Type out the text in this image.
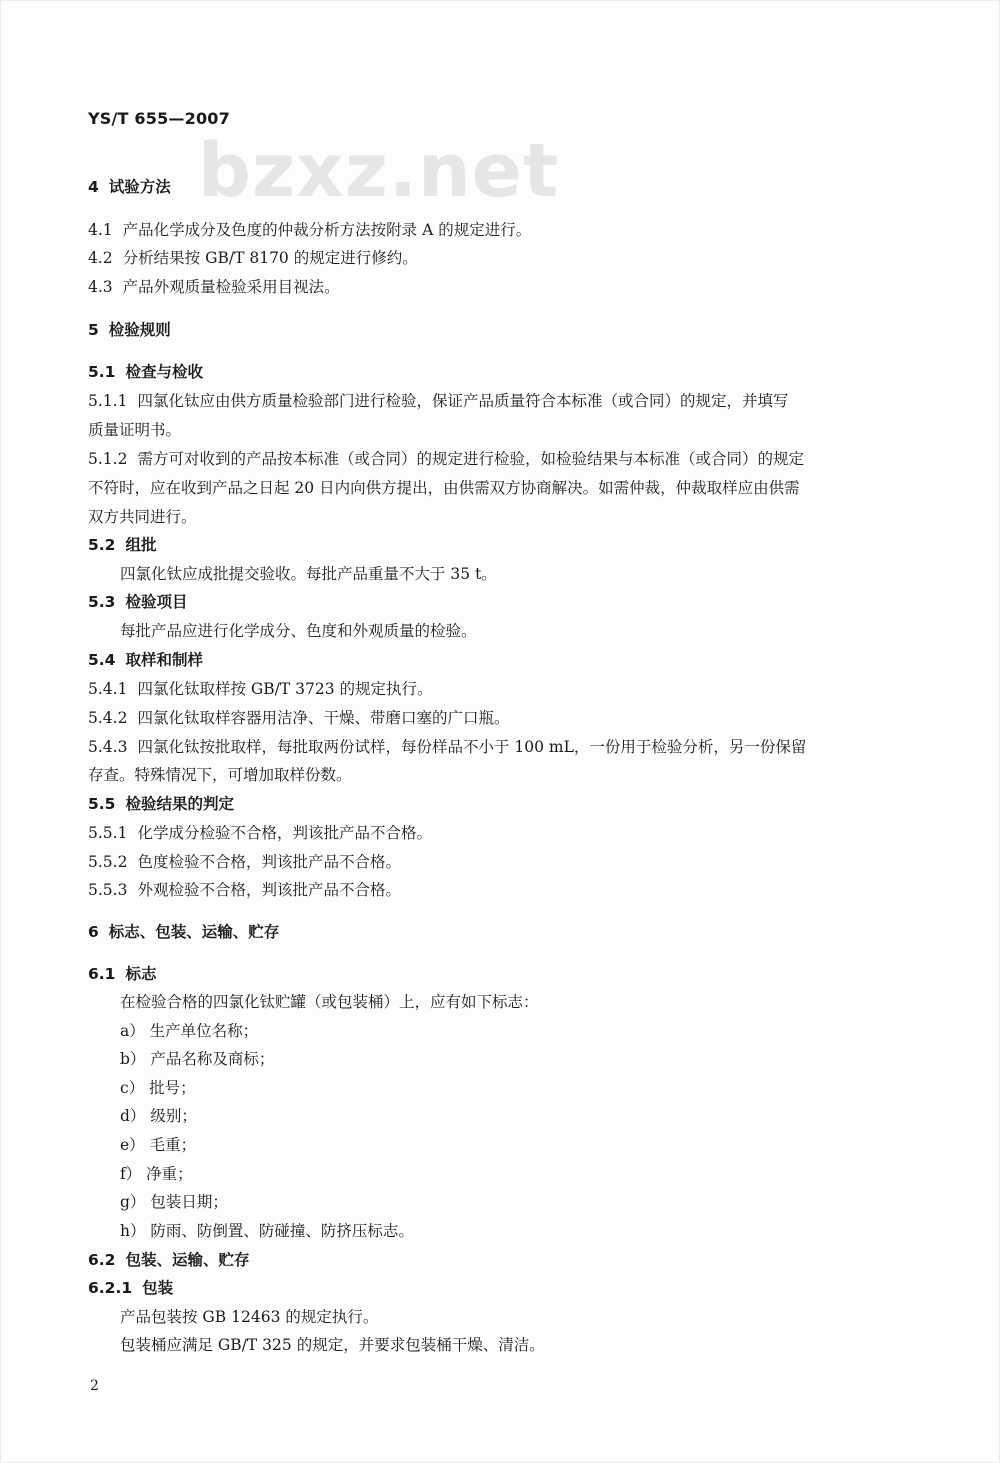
YS/T 655—2007
bzxz.net
4 试验方法
4.1 产品化学成分及色度的仲裁分析方法按附录 A 的规定进行。
4.2 分析结果按 GB/T 8170 的规定进行修约。
4.3 产品外观质量检验采用目视法。
5 检验规则
5.1 检查与检收
5.1.1 四氯化钛应由供方质量检验部门进行检验，保证产品质量符合本标准（或合同）的规定，并填写
质量证明书。
5.1.2 需方可对收到的产品按本标准（或合同）的规定进行检验，如检验结果与本标准（或合同）的规定
不符时，应在收到产品之日起 20 日内向供方提出，由供需双方协商解决。如需仲裁，仲裁取样应由供需
双方共同进行。
5.2 组批
四氯化钛应成批提交验收。每批产品重量不大于 35 t。
5.3 检验项目
每批产品应进行化学成分、色度和外观质量的检验。
5.4 取样和制样
5.4.1 四氯化钛取样按 GB/T 3723 的规定执行。
5.4.2 四氯化钛取样容器用洁净、干燥、带磨口塞的广口瓶。
5.4.3 四氯化钛按批取样，每批取两份试样，每份样品不小于 100 mL，一份用于检验分析，另一份保留
存查。特殊情况下，可增加取样份数。
5.5 检验结果的判定
5.5.1 化学成分检验不合格，判该批产品不合格。
5.5.2 色度检验不合格，判该批产品不合格。
5.5.3 外观检验不合格，判该批产品不合格。
6 标志、包装、运输、贮存
6.1 标志
在检验合格的四氯化钛贮罐（或包装桶）上，应有如下标志：
a） 生产单位名称；
b） 产品名称及商标；
c） 批号；
d） 级别；
e） 毛重；
f） 净重；
g） 包装日期；
h） 防雨、防倒置、防碰撞、防挤压标志。
6.2 包装、运输、贮存
6.2.1 包装
产品包装按 GB 12463 的规定执行。
包装桶应满足 GB/T 325 的规定，并要求包装桶干燥、清洁。
2
